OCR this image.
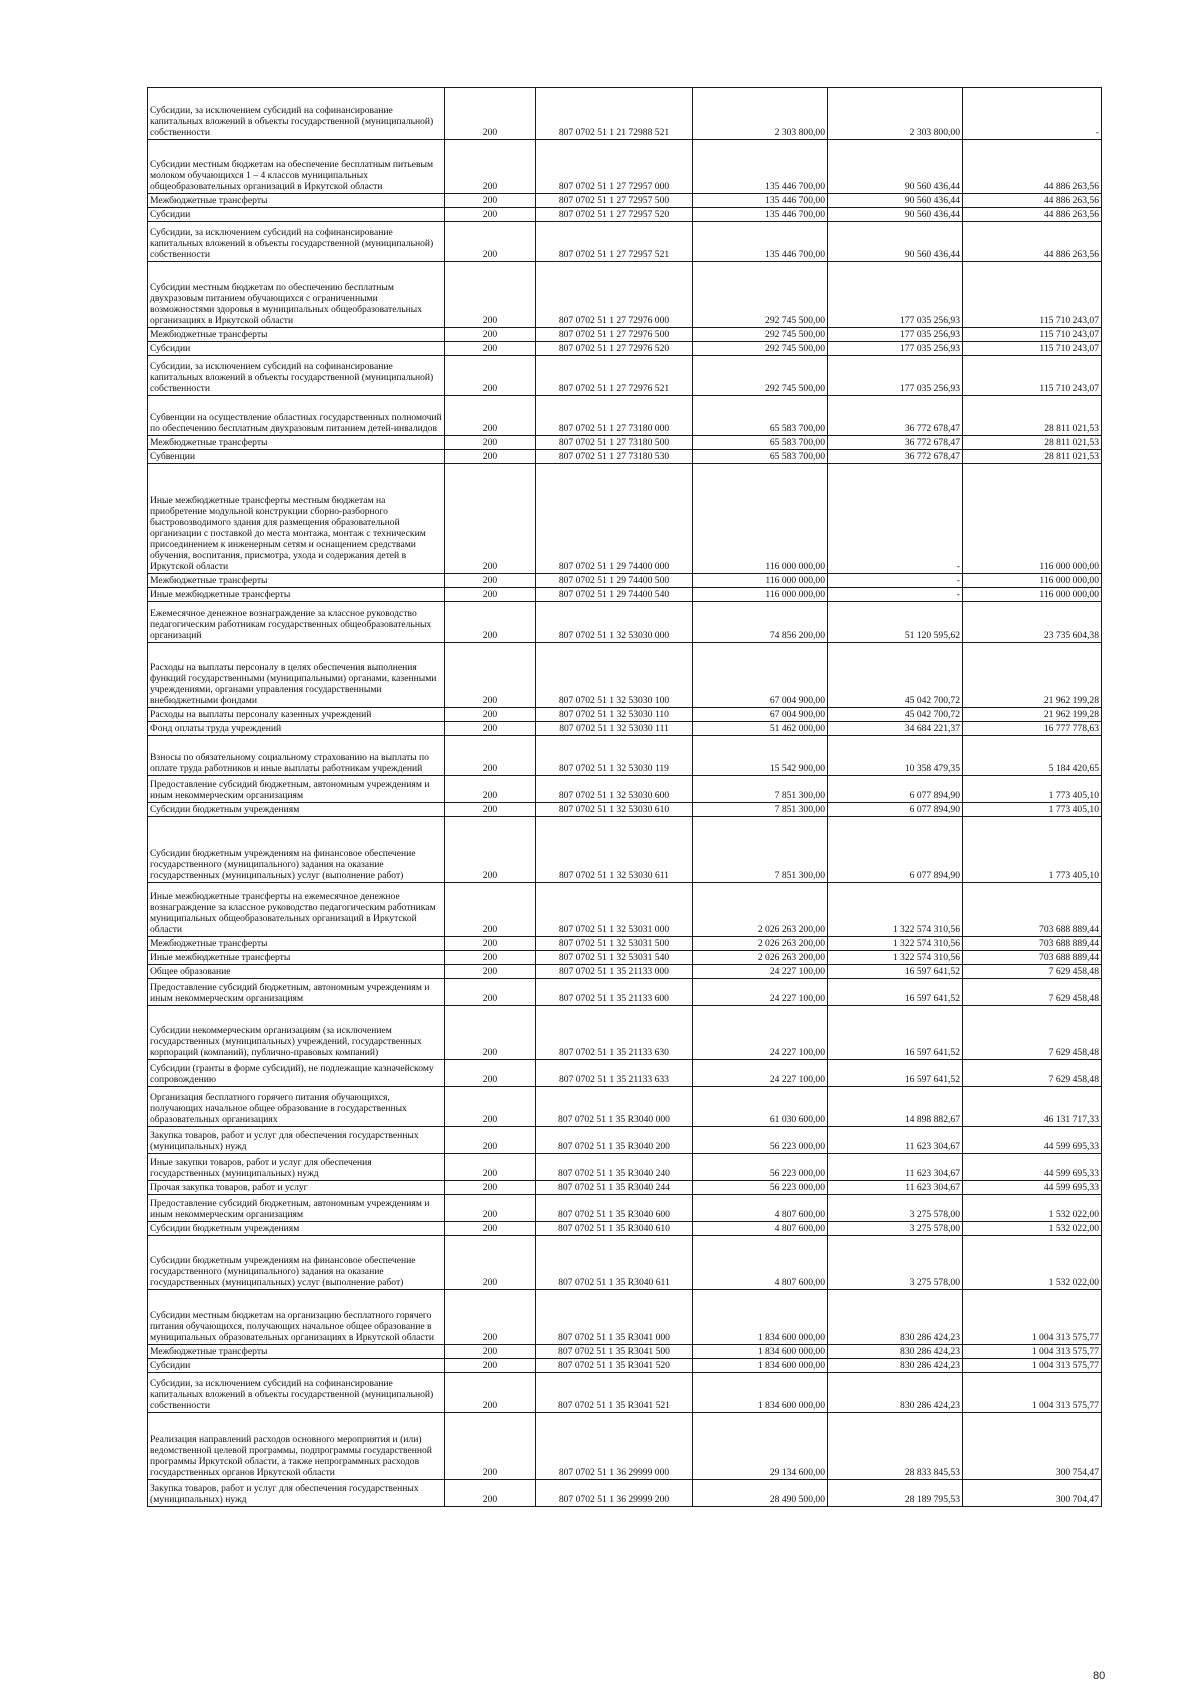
Субсидии, за исключением субсидий на софинансирование капитальных вложений в объекты государственной (муниципальной) собственности	200	807 0702 51 1 21 72988 521	2 303 800,00	2 303 800,00	-
Субсидии местным бюджетам на обеспечение бесплатным питьевым молоком обучающихся 1 – 4 классов муниципальных общеобразовательных организаций в Иркутской области	200	807 0702 51 1 27 72957 000	135 446 700,00	90 560 436,44	44 886 263,56
Межбюджетные трансферты	200	807 0702 51 1 27 72957 500	135 446 700,00	90 560 436,44	44 886 263,56
Субсидии	200	807 0702 51 1 27 72957 520	135 446 700,00	90 560 436,44	44 886 263,56
Субсидии, за исключением субсидий на софинансирование капитальных вложений в объекты государственной (муниципальной) собственности	200	807 0702 51 1 27 72957 521	135 446 700,00	90 560 436,44	44 886 263,56
Субсидии местным бюджетам по обеспечению бесплатным двухразовым питанием обучающихся с ограниченными возможностями здоровья в муниципальных общеобразовательных организациях в Иркутской области	200	807 0702 51 1 27 72976 000	292 745 500,00	177 035 256,93	115 710 243,07
Межбюджетные трансферты	200	807 0702 51 1 27 72976 500	292 745 500,00	177 035 256,93	115 710 243,07
Субсидии	200	807 0702 51 1 27 72976 520	292 745 500,00	177 035 256,93	115 710 243,07
Субсидии, за исключением субсидий на софинансирование капитальных вложений в объекты государственной (муниципальной) собственности	200	807 0702 51 1 27 72976 521	292 745 500,00	177 035 256,93	115 710 243,07
Субвенции на осуществление областных государственных полномочий по обеспечению бесплатным двухразовым питанием детей-инвалидов	200	807 0702 51 1 27 73180 000	65 583 700,00	36 772 678,47	28 811 021,53
Межбюджетные трансферты	200	807 0702 51 1 27 73180 500	65 583 700,00	36 772 678,47	28 811 021,53
Субвенции	200	807 0702 51 1 27 73180 530	65 583 700,00	36 772 678,47	28 811 021,53
Иные межбюджетные трансферты местным бюджетам на приобретение модульной конструкции сборно-разборного быстровозводимого здания для размещения образовательной организации с поставкой до места монтажа, монтаж с техническим присоединением к инженерным сетям и оснащением средствами обучения, воспитания, присмотра, ухода и содержания детей в Иркутской области	200	807 0702 51 1 29 74400 000	116 000 000,00	-	116 000 000,00
Межбюджетные трансферты	200	807 0702 51 1 29 74400 500	116 000 000,00	-	116 000 000,00
Иные межбюджетные трансферты	200	807 0702 51 1 29 74400 540	116 000 000,00	-	116 000 000,00
Ежемесячное денежное вознаграждение за классное руководство педагогическим работникам государственных общеобразовательных организаций	200	807 0702 51 1 32 53030 000	74 856 200,00	51 120 595,62	23 735 604,38
Расходы на выплаты персоналу в целях обеспечения выполнения функций государственными (муниципальными) органами, казенными учреждениями, органами управления государственными внебюджетными фондами	200	807 0702 51 1 32 53030 100	67 004 900,00	45 042 700,72	21 962 199,28
Расходы на выплаты персоналу казенных учреждений	200	807 0702 51 1 32 53030 110	67 004 900,00	45 042 700,72	21 962 199,28
Фонд оплаты труда учреждений	200	807 0702 51 1 32 53030 111	51 462 000,00	34 684 221,37	16 777 778,63
Взносы по обязательному социальному страхованию на выплаты по оплате труда работников и иные выплаты работникам учреждений	200	807 0702 51 1 32 53030 119	15 542 900,00	10 358 479,35	5 184 420,65
Предоставление субсидий бюджетным, автономным учреждениям и иным некоммерческим организациям	200	807 0702 51 1 32 53030 600	7 851 300,00	6 077 894,90	1 773 405,10
Субсидии бюджетным учреждениям	200	807 0702 51 1 32 53030 610	7 851 300,00	6 077 894,90	1 773 405,10
Субсидии бюджетным учреждениям на финансовое обеспечение государственного (муниципального) задания на оказание государственных (муниципальных) услуг (выполнение работ)	200	807 0702 51 1 32 53030 611	7 851 300,00	6 077 894,90	1 773 405,10
Иные межбюджетные трансферты на ежемесячное денежное вознаграждение за классное руководство педагогическим работникам муниципальных общеобразовательных организаций в Иркутской области	200	807 0702 51 1 32 53031 000	2 026 263 200,00	1 322 574 310,56	703 688 889,44
Межбюджетные трансферты	200	807 0702 51 1 32 53031 500	2 026 263 200,00	1 322 574 310,56	703 688 889,44
Иные межбюджетные трансферты	200	807 0702 51 1 32 53031 540	2 026 263 200,00	1 322 574 310,56	703 688 889,44
Общее образование	200	807 0702 51 1 35 21133 000	24 227 100,00	16 597 641,52	7 629 458,48
Предоставление субсидий бюджетным, автономным учреждениям и иным некоммерческим организациям	200	807 0702 51 1 35 21133 600	24 227 100,00	16 597 641,52	7 629 458,48
Субсидии некоммерческим организациям (за исключением государственных (муниципальных) учреждений, государственных корпораций (компаний), публично-правовых компаний)	200	807 0702 51 1 35 21133 630	24 227 100,00	16 597 641,52	7 629 458,48
Субсидии (гранты в форме субсидий), не подлежащие казначейскому сопровождению	200	807 0702 51 1 35 21133 633	24 227 100,00	16 597 641,52	7 629 458,48
Организация бесплатного горячего питания обучающихся, получающих начальное общее образование в государственных образовательных организациях	200	807 0702 51 1 35 R3040 000	61 030 600,00	14 898 882,67	46 131 717,33
Закупка товаров, работ и услуг для обеспечения государственных (муниципальных) нужд	200	807 0702 51 1 35 R3040 200	56 223 000,00	11 623 304,67	44 599 695,33
Иные закупки товаров, работ и услуг для обеспечения государственных (муниципальных) нужд	200	807 0702 51 1 35 R3040 240	56 223 000,00	11 623 304,67	44 599 695,33
Прочая закупка товаров, работ и услуг	200	807 0702 51 1 35 R3040 244	56 223 000,00	11 623 304,67	44 599 695,33
Предоставление субсидий бюджетным, автономным учреждениям и иным некоммерческим организациям	200	807 0702 51 1 35 R3040 600	4 807 600,00	3 275 578,00	1 532 022,00
Субсидии бюджетным учреждениям	200	807 0702 51 1 35 R3040 610	4 807 600,00	3 275 578,00	1 532 022,00
Субсидии бюджетным учреждениям на финансовое обеспечение государственного (муниципального) задания на оказание государственных (муниципальных) услуг (выполнение работ)	200	807 0702 51 1 35 R3040 611	4 807 600,00	3 275 578,00	1 532 022,00
Субсидии местным бюджетам на организацию бесплатного горячего питания обучающихся, получающих начальное общее образование в муниципальных образовательных организациях в Иркутской области	200	807 0702 51 1 35 R3041 000	1 834 600 000,00	830 286 424,23	1 004 313 575,77
Межбюджетные трансферты	200	807 0702 51 1 35 R3041 500	1 834 600 000,00	830 286 424,23	1 004 313 575,77
Субсидии	200	807 0702 51 1 35 R3041 520	1 834 600 000,00	830 286 424,23	1 004 313 575,77
Субсидии, за исключением субсидий на софинансирование капитальных вложений в объекты государственной (муниципальной) собственности	200	807 0702 51 1 35 R3041 521	1 834 600 000,00	830 286 424,23	1 004 313 575,77
Реализация направлений расходов основного мероприятия и (или) ведомственной целевой программы, подпрограммы государственной программы Иркутской области, а также непрограммных расходов государственных органов Иркутской области	200	807 0702 51 1 36 29999 000	29 134 600,00	28 833 845,53	300 754,47
Закупка товаров, работ и услуг для обеспечения государственных (муниципальных) нужд	200	807 0702 51 1 36 29999 200	28 490 500,00	28 189 795,53	300 704,47
80
